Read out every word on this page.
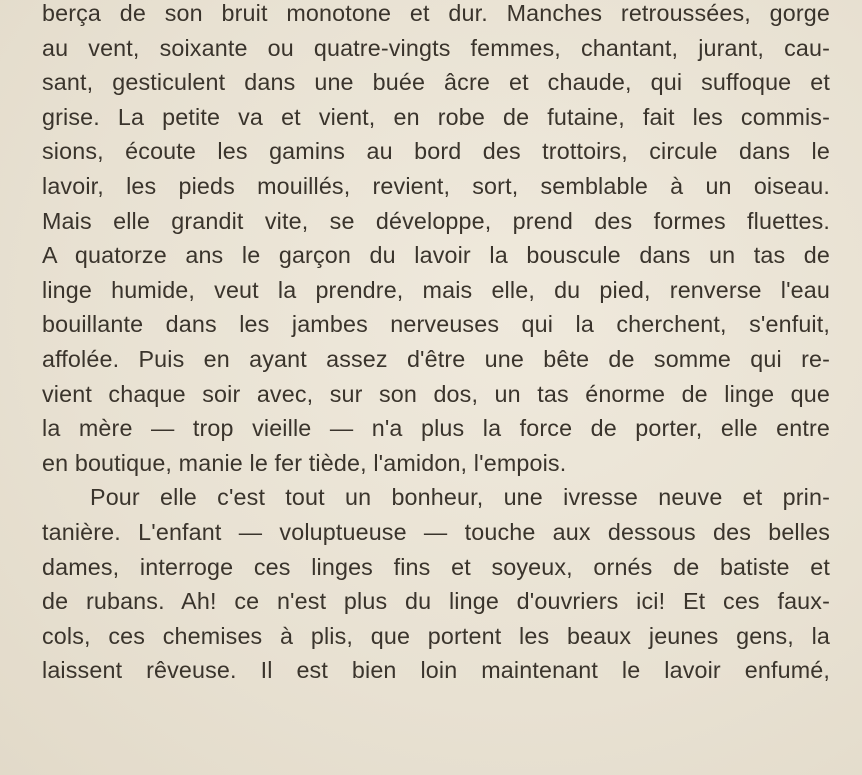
berça de son bruit monotone et dur. Manches retroussées, gorge
au vent, soixante ou quatre-vingts femmes, chantant, jurant, cau-
sant, gesticulent dans une buée âcre et chaude, qui suffoque et
grise. La petite va et vient, en robe de futaine, fait les commis-
sions, écoute les gamins au bord des trottoirs, circule dans le
lavoir, les pieds mouillés, revient, sort, semblable à un oiseau.
Mais elle grandit vite, se développe, prend des formes fluettes.
A quatorze ans le garçon du lavoir la bouscule dans un tas de
linge humide, veut la prendre, mais elle, du pied, renverse l'eau
bouillante dans les jambes nerveuses qui la cherchent, s'enfuit,
affolée. Puis en ayant assez d'être une bête de somme qui re-
vient chaque soir avec, sur son dos, un tas énorme de linge que
la mère — trop vieille — n'a plus la force de porter, elle entre
en boutique, manie le fer tiède, l'amidon, l'empois.
Pour elle c'est tout un bonheur, une ivresse neuve et prin-
tanière. L'enfant — voluptueuse — touche aux dessous des belles
dames, interroge ces linges fins et soyeux, ornés de batiste et
de rubans. Ah! ce n'est plus du linge d'ouvriers ici! Et ces faux-
cols, ces chemises à plis, que portent les beaux jeunes gens, la
laissent rêveuse. Il est bien loin maintenant le lavoir enfumé,
